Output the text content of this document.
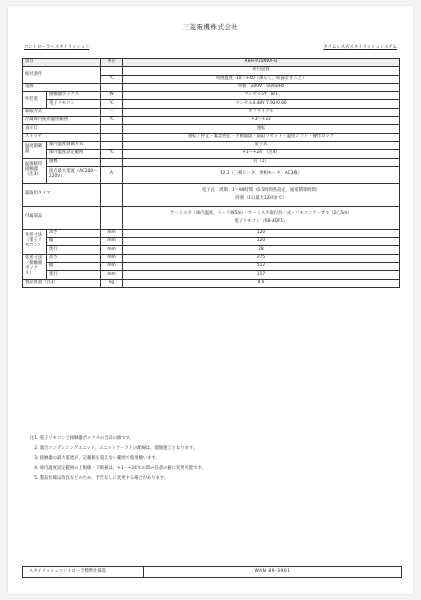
三菱電機株式会社
コントローラ＜スタイリッシュ＞	タイムレス式スタイリッシュシステム
項目		単位	RBH-P35NRA-Q
据付条件			屋内設置
		℃	周囲温度 -10～+40（凍らし、結露なきこと）
電源			単相　200V　50/60Hz
外装電	接触器ボックス	W	マンセル5Y　8/1
	電子リモコン	℃	マンセル4.48Y 7.92/0.66
霜取方式		ー	オフサイクル
冷蔵庫内使用温度範囲		℃	+3～+22
表示灯			運転
スイッチ			運転／停止・緊急停止・手動霜取・霜取リセット・温度シフト・操作ロック
温度制御器	庫内温度制御方式		電子式
	庫内温度設定範囲	℃	+1～+24　（注4）
温風暖用接触器（注3）	個数		有（1）
	接点最大電流（AC200～220V）	A	12.2（三相ヒータ、単相モータ　AC3級）
霜取用タイマ			電子式　周期　1～99時間（0.5時間各設定、通電積算時間）
時刻（1日最大12回まで）

付属部品			サーミスタ（庫内温度、リード線5m）・サーミスタ取付具一式・リモコンケーブル（2心5m）
電子リモコン（RB-4DF1）

外形寸法（電子リモコン）	高さ	mm	120
	幅	mm	120
	奥行	mm	28
外形寸法（接触器ボックス）	高さ	mm	275
	幅	mm	512
	奥行	mm	117
製品質量（注1）		kg	8.0
注1. 電子リモコンと接触器ボックスの合計の値です。
　2. 適合コンデンシングユニット、ユニットクーラとの配線は、現地施工となります。
　3. 接触器の最大電流が、記載値を超えない範囲で使用願います。
　4. 庫内温度設定範囲の上限値・下限値は、+1～+24℃の間の任意の値に変更可能です。
　5. 製品仕様は改良などのため、予告なしに変更する場合があります。
スタイリッシュコントローラ標準仕様書	WAN 89-3901
